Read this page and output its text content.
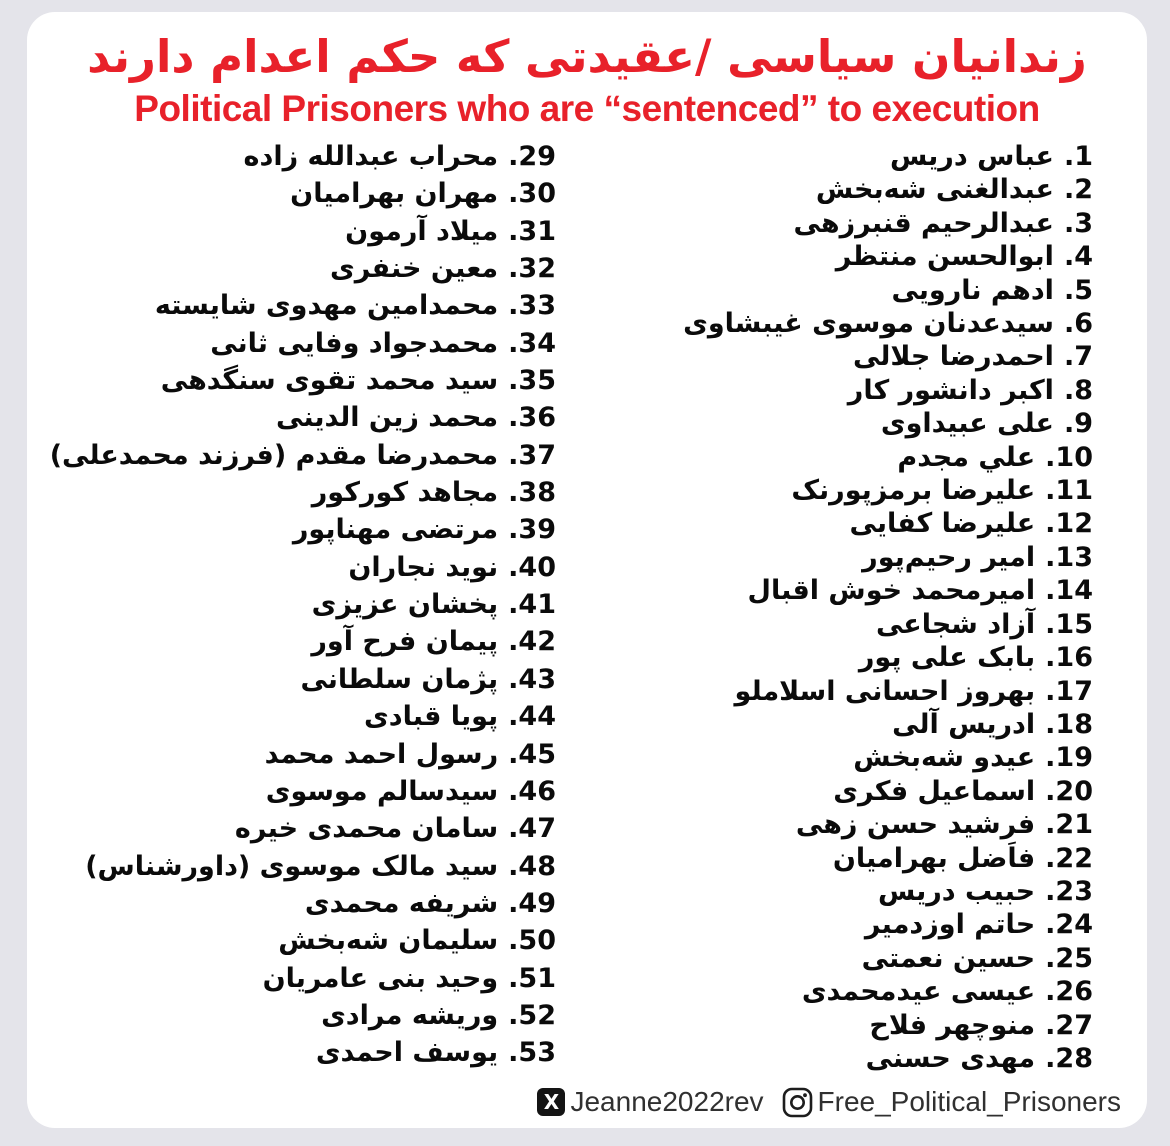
زندانیان سیاسی /عقیدتی که حکم اعدام دارند
Political Prisoners who are “sentenced” to execution
1.عباس دریس
2.عبدالغنی شه‌بخش
3.عبدالرحیم قنبرزهی
4.ابوالحسن منتظر
5.ادهم نارویی
6.سیدعدنان موسوی غیبشاوی
7.احمدرضا جلالی
8.اکبر دانشور کار
9.علی عبیداوی
10.علي مجدم
11.علیرضا برمزپورنک
12.علیرضا کفایی
13.امیر رحیم‌پور
14.امیرمحمد خوش اقبال
15.آزاد شجاعی
16.بابک علی پور
17.بهروز احسانی اسلاملو
18.ادریس آلی
19.عیدو شه‌بخش
20.اسماعیل فکری
21.فرشید حسن زهی
22.فاَضل بهرامیان
23.حبیب دریس
24.حاتم اوزدمیر
25.حسین نعمتی
26.عیسی عیدمحمدی
27.منوچهر فلاح
28.مهدی حسنی
29.محراب عبدالله زاده
30.مهران بهرامیان
31.میلاد آرمون
32.معین خنفری
33.محمدامین مهدوی شایسته
34.محمدجواد وفایی ثانی
35.سید محمد تقوی سنگدهی
36.محمد زین الدینی
37.محمدرضا مقدم (فرزند محمدعلی)
38.مجاهد کورکور
39.مرتضی مهناپور
40.نوید نجاران
41.پخشان عزیزی
42.پیمان فرح آور
43.پژمان سلطانی
44.پویا قبادی
45.رسول احمد محمد
46.سیدسالم موسوی
47.سامان محمدی خیره
48.سید مالک موسوی (داورشناس)
49.شریفه محمدی
50.سلیمان شه‌بخش
51.وحید بنی عامریان
52.وریشه مرادی
53.یوسف احمدی
X Jeanne2022rev Free_Political_Prisoners
